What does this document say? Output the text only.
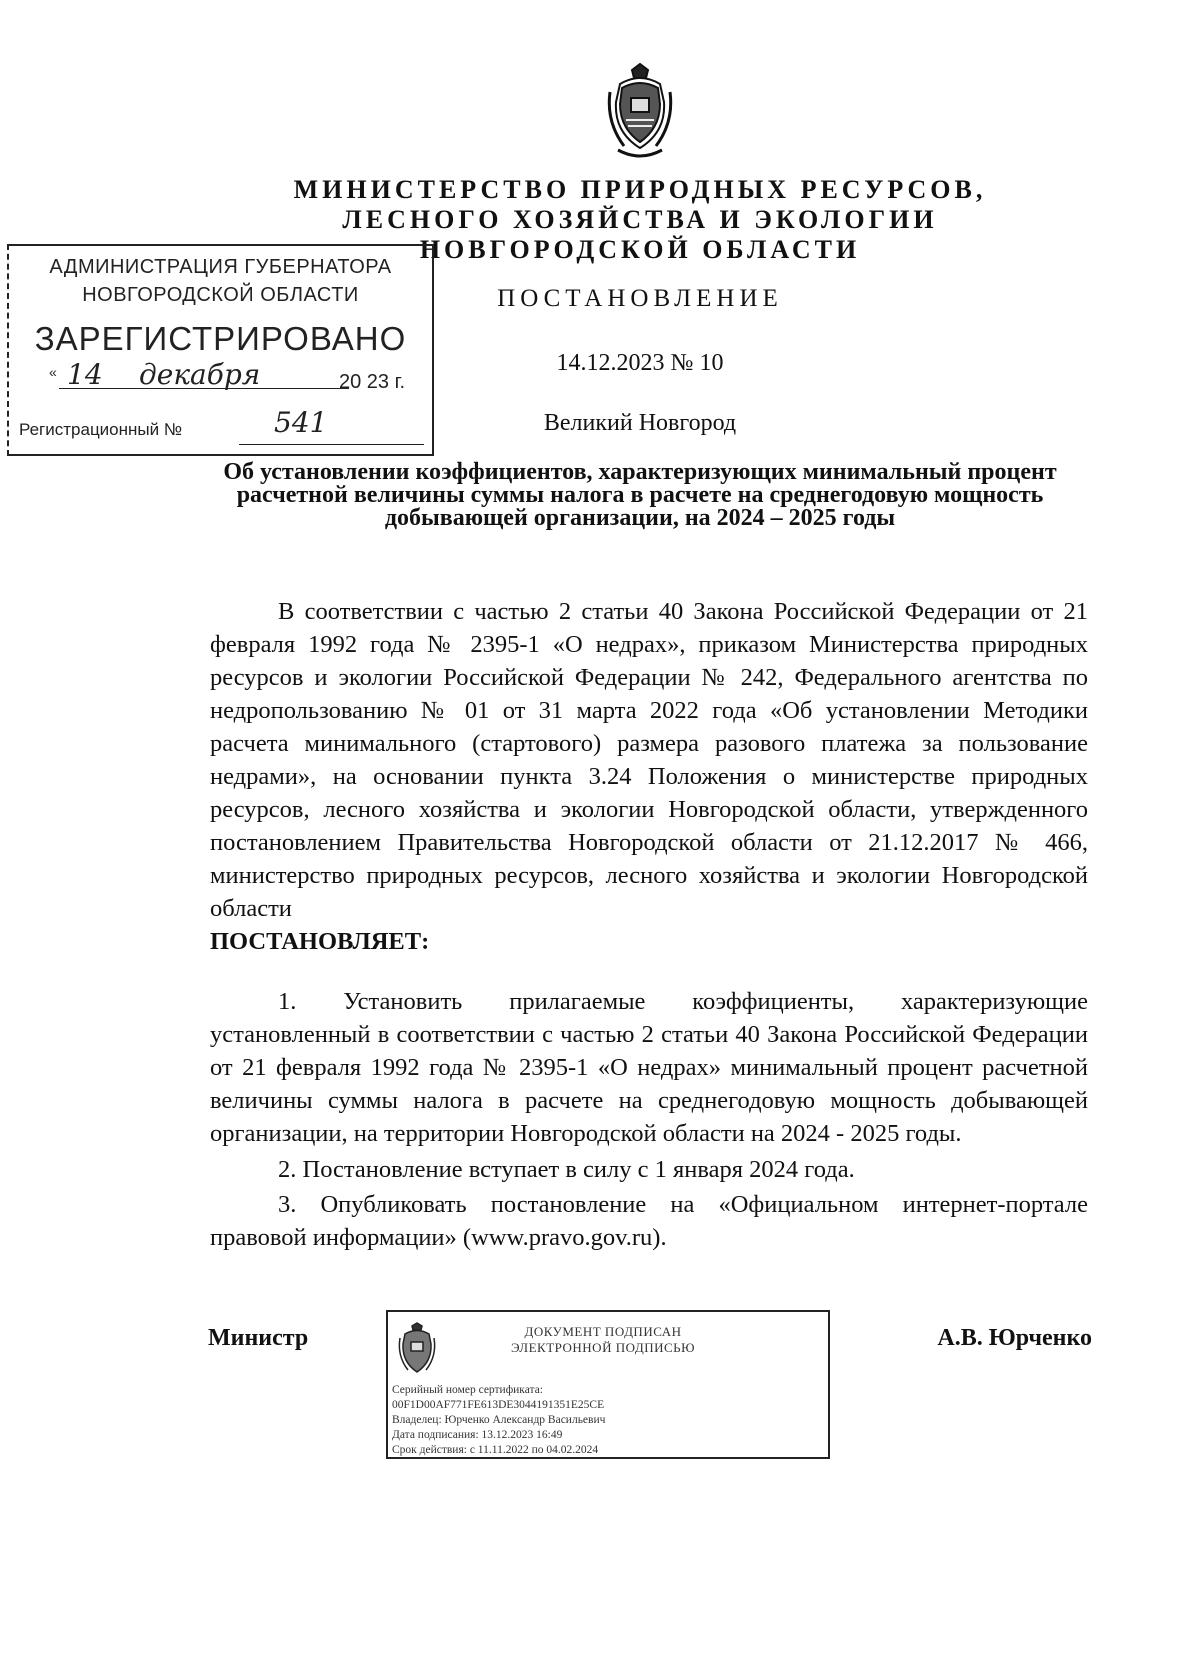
МИНИСТЕРСТВО ПРИРОДНЫХ РЕСУРСОВ,
ЛЕСНОГО ХОЗЯЙСТВА И ЭКОЛОГИИ
НОВГОРОДСКОЙ ОБЛАСТИ
ПОСТАНОВЛЕНИЕ
14.12.2023 № 10
Великий Новгород
АДМИНИСТРАЦИЯ ГУБЕРНАТОРА
НОВГОРОДСКОЙ ОБЛАСТИ
ЗАРЕГИСТРИРОВАНО
« 14 декабря	20 23 г.
Регистрационный №	541
Об установлении коэффициентов, характеризующих минимальный процент расчетной величины суммы налога в расчете на среднегодовую мощность добывающей организации, на 2024 – 2025 годы
В соответствии с частью 2 статьи 40 Закона Российской Федерации от 21 февраля 1992 года № 2395-1 «О недрах», приказом Министерства природных ресурсов и экологии Российской Федерации № 242, Федерального агентства по недропользованию № 01 от 31 марта 2022 года «Об установлении Методики расчета минимального (стартового) размера разового платежа за пользование недрами», на основании пункта 3.24 Положения о министерстве природных ресурсов, лесного хозяйства и экологии Новгородской области, утвержденного постановлением Правительства Новгородской области от 21.12.2017 № 466, министерство природных ресурсов, лесного хозяйства и экологии Новгородской области
ПОСТАНОВЛЯЕТ:
1. Установить прилагаемые коэффициенты, характеризующие установленный в соответствии с частью 2 статьи 40 Закона Российской Федерации от 21 февраля 1992 года № 2395-1 «О недрах» минимальный процент расчетной величины суммы налога в расчете на среднегодовую мощность добывающей организации, на территории Новгородской области на 2024 - 2025 годы.
2. Постановление вступает в силу с 1 января 2024 года.
3. Опубликовать постановление на «Официальном интернет-портале правовой информации» (www.pravo.gov.ru).
Министр	А.В. Юрченко
ДОКУМЕНТ ПОДПИСАН
ЭЛЕКТРОННОЙ ПОДПИСЬЮ
Серийный номер сертификата:
00F1D00AF771FE613DE3044191351E25CE
Владелец: Юрченко Александр Васильевич
Дата подписания: 13.12.2023 16:49
Срок действия: с 11.11.2022 по 04.02.2024
